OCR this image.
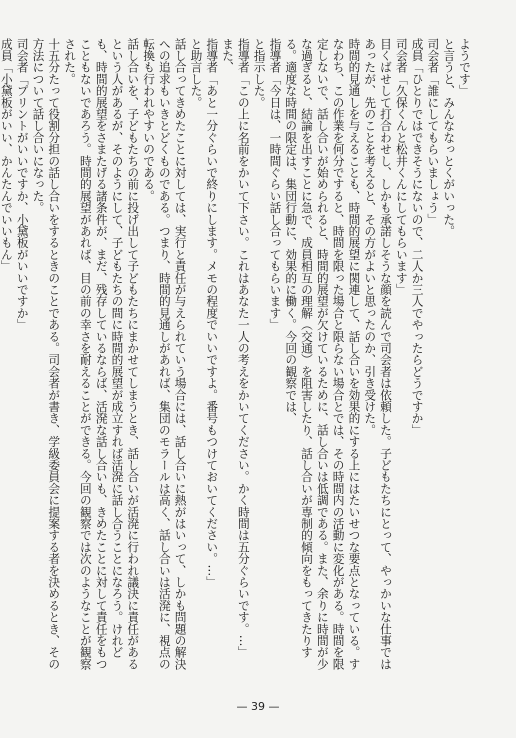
ようです」

と言うと、みんななっとくがいった。

司会者「誰にしてもらいましょう」

成員「ひとりではできそうにないので、二人か三人でやったらどうですか」

司会者「久保くんと松井くんにしてもらいます」

目くばせして打合わせし、しかも承諾しそうな顔を読んで司会者は依頼した。子どもたちにとって、やっかいな仕事ではあったが、先のことを考えると、その方がよいと思ったのか、引き受けた。

時間的見通しを与えることも、時間的展望に関連して、話し合いを効果的にする上にはたいせつな要点となっている。すなわち、この作業を何分ですると、時間を限った場合と限らない場合とでは、その時間内の活動に変化がある。時間を限定しないで、話し合いが始められると、時間的展望が欠けているために、話し合いは低調である。また、余りに時間が少な過ぎると、結論を出すことに急で、成員相互の理解（交通）を阻害したり、話し合いが専制的傾向をもってきたりする。適度な時間の限定は、集団行動に、効果的に働く。今回の観察では、

指導者「今日は、一時間ぐらい話し合ってもらいます」

と指示した。

指導者「この上に名前をかいて下さい。これはあなた一人の考えをかいてください。かく時間は五分ぐらいです。…」

また、

指導者「あと一分ぐらいで終りにします。メモの程度でいいですよ。番号もつけておいてください。…」

と助言した。

話し合ってきめたことに対しては、実行と責任が与えられていう場合には、話し合いに熱がはいって、しかも問題の解決への追求もいきとどくものである。つまり、時間的見通しがあれば、集団のモラールは高く、話し合いは活溌に、視点の転換も行われやすいのである。

話し合いを、子どもたちの前に投げ出して子どもたちにまかせてしまうとき、話し合いが活溌に行われ議決に責任があるという人があるが、そのようにして、子どもたちの間に時間的展望が成立すれば活溌に話し合うことになろう。けれども、時間的展望をさまたげる諸条件が、まだ、残存しているならば、活溌な話し合いも、きめたことに対して責任をもつこともないであろう。時間的展望があれば、目の前の幸さを耐えることができる。今回の観察では次のようなことが観察された。

十五分たって役割分担の話し合いをするときのことである。司会者が書き、学級委員会に提案する者を決めるとき、その方法について話し合いになった。

司会者「プリントがいいですか、小黛板がいいですか」

成員「小黛板がいい、かんたんでいいもん」

— 39 —
